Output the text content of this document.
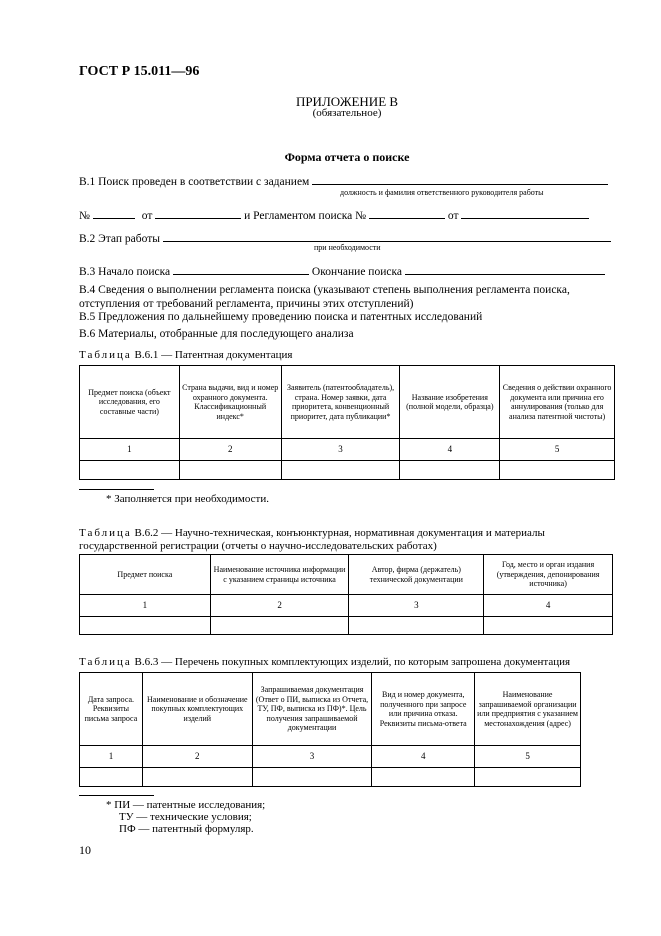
ГОСТ Р 15.011—96
ПРИЛОЖЕНИЕ В
(обязательное)
Форма отчета о поиске
В.1 Поиск проведен в соответствии с заданием
должность и фамилия ответственного руководителя работы
№	от	и Регламентом поиска №	от
В.2 Этап работы
при необходимости
В.3 Начало поиска	Окончание поиска
В.4 Сведения о выполнении регламента поиска (указывают степень выполнения регламента поиска, отступления от требований регламента, причины этих отступлений)
В.5 Предложения по дальнейшему проведению поиска и патентных исследований
В.6 Материалы, отобранные для последующего анализа
Таблица В.6.1 — Патентная документация
Предмет поиска (объект исследования, его составные части)	Страна выдачи, вид и номер охранного документа. Классификационный индекс*	Заявитель (патентообладатель), страна. Номер заявки, дата приоритета, конвенционный приоритет, дата публикации*	Название изобретения (полной модели, образца)	Сведения о действии охранного документа или причина его аннулирования (только для анализа патентной чистоты)
1	2	3	4	5

* Заполняется при необходимости.
Таблица В.6.2 — Научно-техническая, конъюнктурная, нормативная документация и материалы
государственной регистрации (отчеты о научно-исследовательских работах)
Предмет поиска	Наименование источника информации с указанием страницы источника	Автор, фирма (держатель) технической документации	Год, место и орган издания (утверждения, депонирования источника)
1	2	3	4

Таблица В.6.3 — Перечень покупных комплектующих изделий, по которым запрошена документация
Дата запроса. Реквизиты письма запроса	Наименование и обозначение покупных комплектующих изделий	Запрашиваемая документация (Ответ о ПИ, выписка из Отчета, ТУ, ПФ, выписка из ПФ)*. Цель получения запрашиваемой документации	Вид и номер документа, полученного при запросе или причина отказа. Реквизиты письма-ответа	Наименование запрашиваемой организации или предприятия с указанием местонахождения (адрес)
1	2	3	4	5

* ПИ — патентные исследования;
ТУ — технические условия;
ПФ — патентный формуляр.
10
